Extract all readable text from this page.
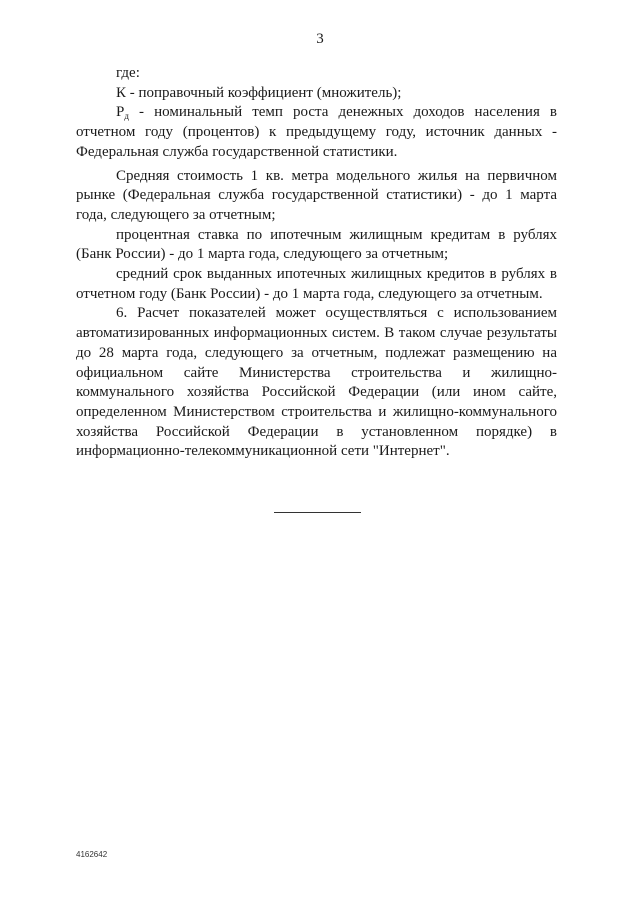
3

где:

К - поправочный коэффициент (множитель);

$Р_д$ - номинальный темп роста денежных доходов населения в отчетном году (процентов) к предыдущему году, источник данных - Федеральная служба государственной статистики.

Средняя стоимость 1 кв. метра модельного жилья на первичном рынке (Федеральная служба государственной статистики) - до 1 марта года, следующего за отчетным;

процентная ставка по ипотечным жилищным кредитам в рублях (Банк России) - до 1 марта года, следующего за отчетным;

средний срок выданных ипотечных жилищных кредитов в рублях в отчетном году (Банк России) - до 1 марта года, следующего за отчетным.

6. Расчет показателей может осуществляться с использованием автоматизированных информационных систем. В таком случае результаты до 28 марта года, следующего за отчетным, подлежат размещению на официальном сайте Министерства строительства и жилищно-коммунального хозяйства Российской Федерации (или ином сайте, определенном Министерством строительства и жилищно-коммунального хозяйства Российской Федерации в установленном порядке) в информационно-телекоммуникационной сети "Интернет".

4162642
